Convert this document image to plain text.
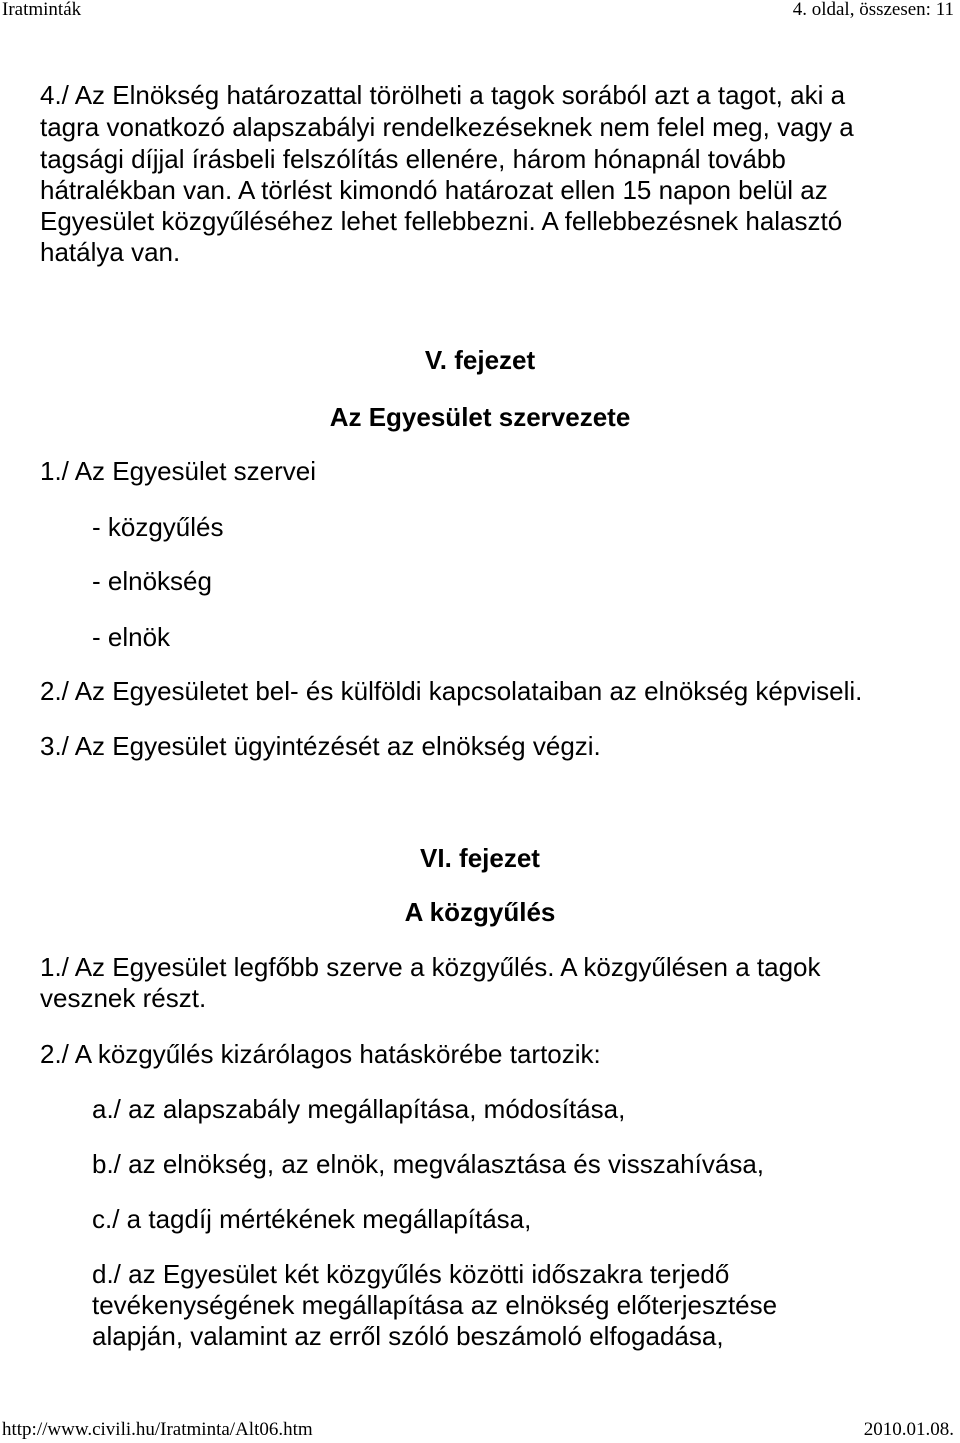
Iratminták	4. oldal, összesen: 11
4./ Az Elnökség határozattal törölheti a tagok sorából azt a tagot, aki a
tagra vonatkozó alapszabályi rendelkezéseknek nem felel meg, vagy a
tagsági díjjal írásbeli felszólítás ellenére, három hónapnál tovább
hátralékban van. A törlést kimondó határozat ellen 15 napon belül az
Egyesület közgyűléséhez lehet fellebbezni. A fellebbezésnek halasztó
hatálya van.
V. fejezet
Az Egyesület szervezete
1./ Az Egyesület szervei
- közgyűlés
- elnökség
- elnök
2./ Az Egyesületet bel- és külföldi kapcsolataiban az elnökség képviseli.
3./ Az Egyesület ügyintézését az elnökség végzi.
VI. fejezet
A közgyűlés
1./ Az Egyesület legfőbb szerve a közgyűlés. A közgyűlésen a tagok
vesznek részt.
2./ A közgyűlés kizárólagos hatáskörébe tartozik:
a./ az alapszabály megállapítása, módosítása,
b./ az elnökség, az elnök, megválasztása és visszahívása,
c./ a tagdíj mértékének megállapítása,
d./ az Egyesület két közgyűlés közötti időszakra terjedő
tevékenységének megállapítása az elnökség előterjesztése
alapján, valamint az erről szóló beszámoló elfogadása,
http://www.civili.hu/Iratminta/Alt06.htm	2010.01.08.
